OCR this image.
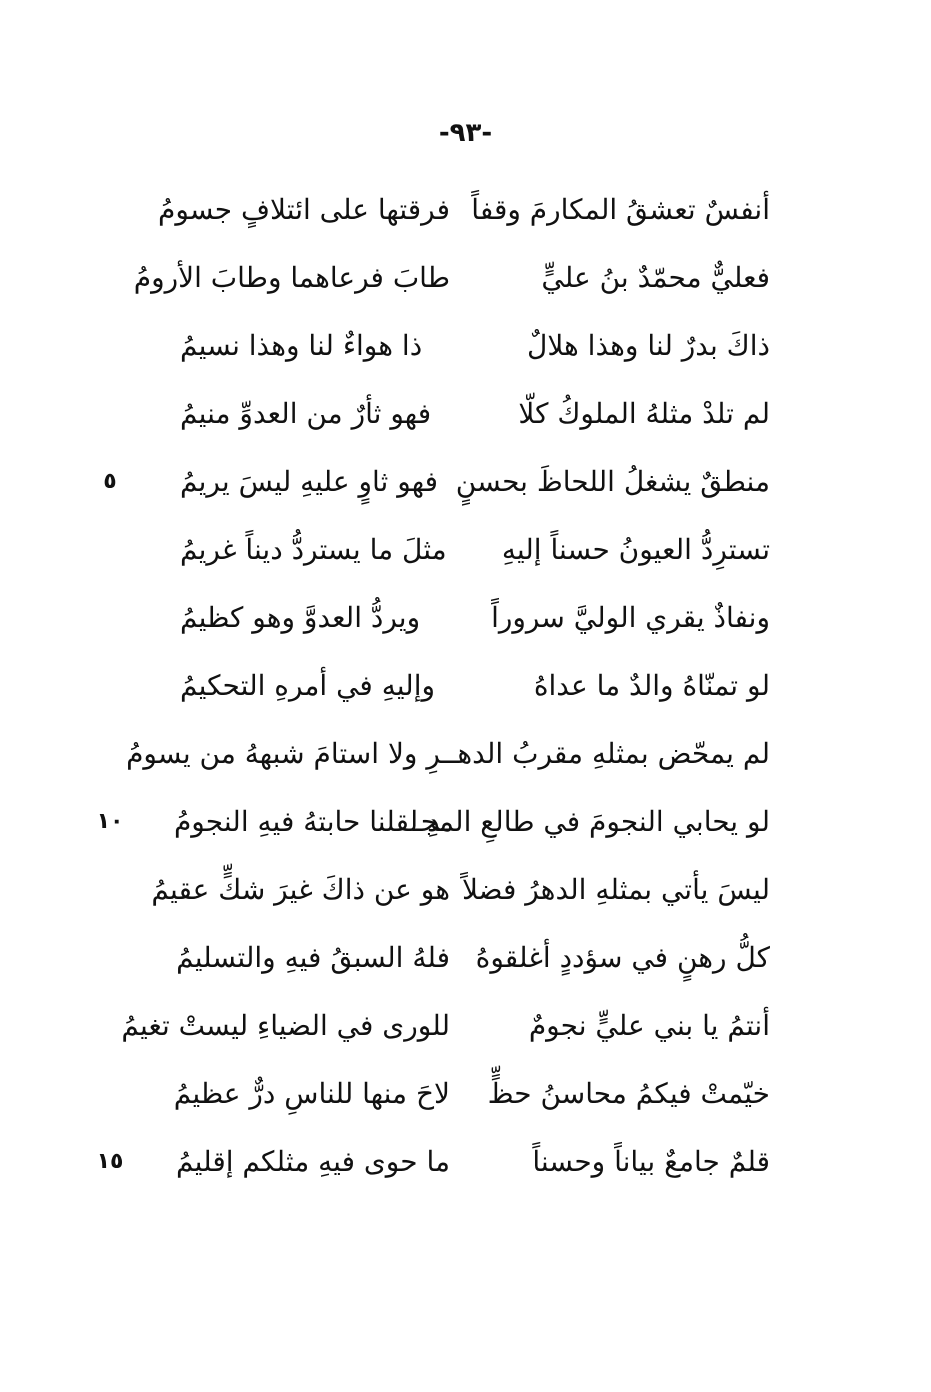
-٩٣-
أنفسٌ تعشقُ المكارمَ وقفاً
فرقتها على ائتلافٍ جسومُ
فعليٌّ محمّدٌ بنُ عليٍّ
طابَ فرعاهما وطابَ الأرومُ
ذاكَ بدرٌ لنا وهذا هلالٌ
ذا هواءٌ لنا وهذا نسيمُ
لم تلدْ مثلهُ الملوكُ كلّا
فهو ثأرٌ من العدوِّ منيمُ
منطقٌ يشغلُ اللحاظَ بحسنٍ
فهو ثاوٍ عليهِ ليسَ يريمُ
تسترِدُّ العيونُ حسناً إليهِ
مثلَ ما يستردُّ ديناً غريمُ
ونفاذٌ يقري الوليَّ سروراً
ويردُّ العدوَّ وهو كظيمُ
لو تمنّاهُ والدٌ ما عداهُ
وإليهِ في أمرهِ التحكيمُ
لم يمحّض بمثلهِ مقربُ الدهـ
ـرِ ولا استامَ شبههُ من يسومُ
لو يحابي النجومَ في طالعِ المجـ
ـدِ لقلنا حابتهُ فيهِ النجومُ
ليسَ يأتي بمثلهِ الدهرُ فضلاً
هو عن ذاكَ غيرَ شكٍّ عقيمُ
كلُّ رهنٍ في سؤددٍ أغلقوهُ
فلهُ السبقُ فيهِ والتسليمُ
أنتمُ يا بني عليٍّ نجومٌ
للورى في الضياءِ ليستْ تغيمُ
خيّمتْ فيكمُ محاسنُ حظٍّ
لاحَ منها للناسِ درٌّ عظيمُ
قلمٌ جامعٌ بياناً وحسناً
ما حوى فيهِ مثلكم إقليمُ
٥
١٠
١٥
